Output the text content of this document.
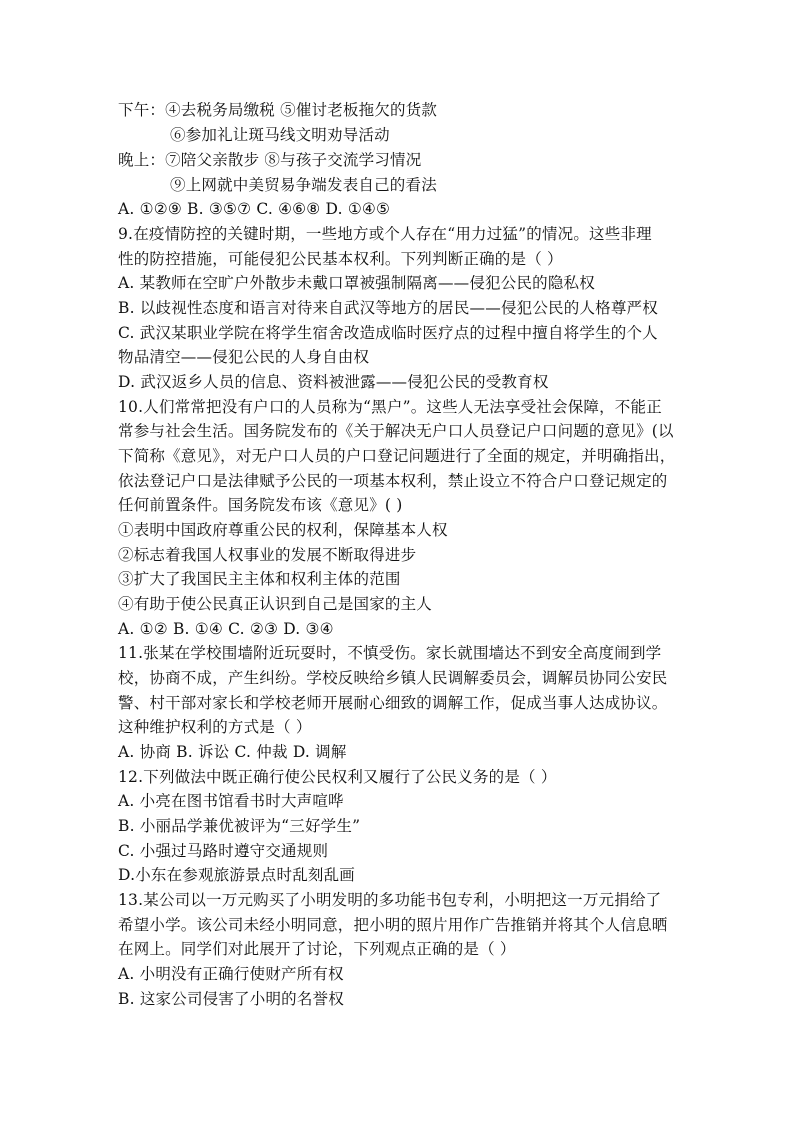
下午：④去税务局缴税 ⑤催讨老板拖欠的货款
⑥参加礼让斑马线文明劝导活动
晚上：⑦陪父亲散步 ⑧与孩子交流学习情况
⑨上网就中美贸易争端发表自己的看法
A. ①②⑨ B. ③⑤⑦ C. ④⑥⑧ D. ①④⑤
9.在疫情防控的关键时期，一些地方或个人存在“用力过猛”的情况。这些非理
性的防控措施，可能侵犯公民基本权利。下列判断正确的是（ ）
A. 某教师在空旷户外散步未戴口罩被强制隔离——侵犯公民的隐私权
B. 以歧视性态度和语言对待来自武汉等地方的居民——侵犯公民的人格尊严权
C. 武汉某职业学院在将学生宿舍改造成临时医疗点的过程中擅自将学生的个人
物品清空——侵犯公民的人身自由权
D. 武汉返乡人员的信息、资料被泄露——侵犯公民的受教育权
10.人们常常把没有户口的人员称为“黑户”。这些人无法享受社会保障，不能正
常参与社会生活。国务院发布的《关于解决无户口人员登记户口问题的意见》(以
下简称《意见》，对无户口人员的户口登记问题进行了全面的规定，并明确指出，
依法登记户口是法律赋予公民的一项基本权利，禁止设立不符合户口登记规定的
任何前置条件。国务院发布该《意见》( )
①表明中国政府尊重公民的权利，保障基本人权
②标志着我国人权事业的发展不断取得进步
③扩大了我国民主主体和权利主体的范围
④有助于使公民真正认识到自己是国家的主人
A. ①② B. ①④ C. ②③ D. ③④
11.张某在学校围墙附近玩耍时，不慎受伤。家长就围墙达不到安全高度闹到学
校，协商不成，产生纠纷。学校反映给乡镇人民调解委员会，调解员协同公安民
警、村干部对家长和学校老师开展耐心细致的调解工作，促成当事人达成协议。
这种维护权利的方式是（ ）
A. 协商 B. 诉讼 C. 仲裁 D. 调解
12.下列做法中既正确行使公民权利又履行了公民义务的是（ ）
A. 小亮在图书馆看书时大声喧哗
B. 小丽品学兼优被评为“三好学生”
C. 小强过马路时遵守交通规则
D.小东在参观旅游景点时乱刻乱画
13.某公司以一万元购买了小明发明的多功能书包专利，小明把这一万元捐给了
希望小学。该公司未经小明同意，把小明的照片用作广告推销并将其个人信息晒
在网上。同学们对此展开了讨论，下列观点正确的是（ ）
A. 小明没有正确行使财产所有权
B. 这家公司侵害了小明的名誉权
